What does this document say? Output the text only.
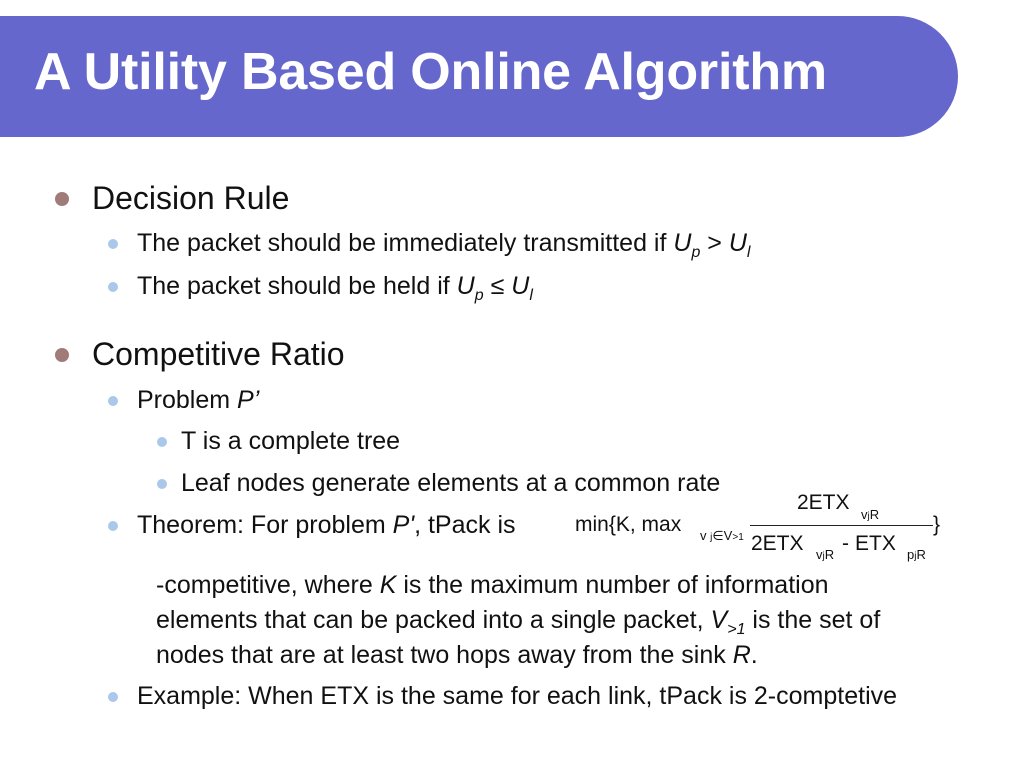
A Utility Based Online Algorithm
Decision Rule
The packet should be immediately transmitted if $U_p > U_l$
The packet should be held if $U_p \le U_l$
Competitive Ratio
Problem P’
T is a complete tree
Leaf nodes generate elements at a common rate
Theorem: For problem P', tPack is	min{K, max v j∈V>1
2ETX
vjR
2ETX vjR - ETX pjR
}
-competitive, where K is the maximum number of information
elements that can be packed into a single packet, $V_{>1}$ is the set of
nodes that are at least two hops away from the sink R.
Example: When ETX is the same for each link, tPack is 2-comptetive
